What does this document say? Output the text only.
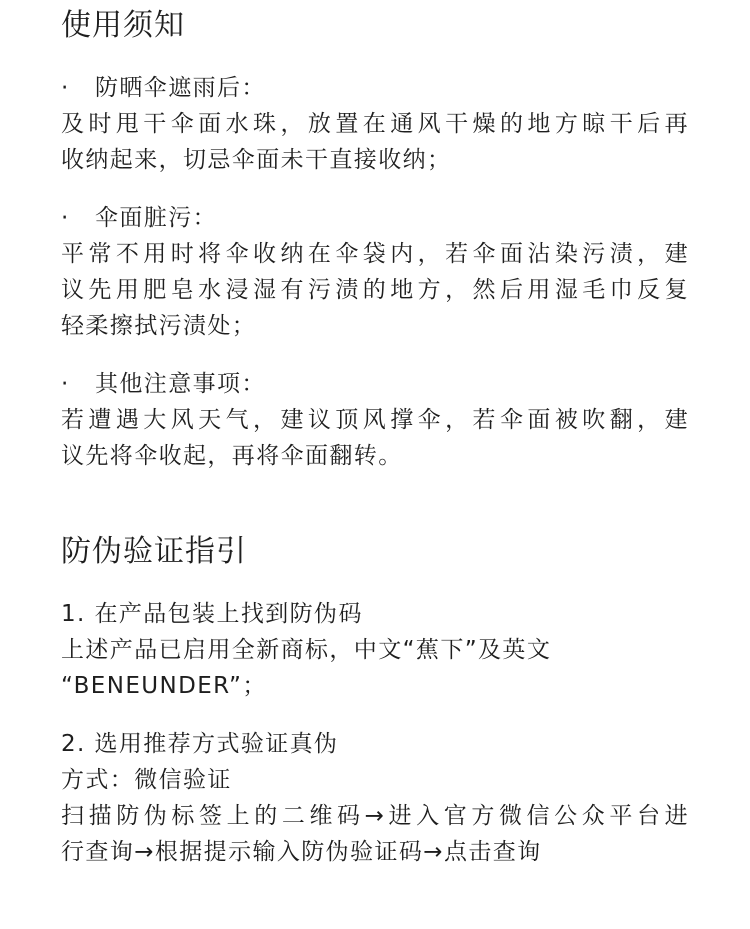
使用须知
·	防晒伞遮雨后：

及时甩干伞面水珠，放置在通风干燥的地方晾干后再

收纳起来，切忌伞面未干直接收纳；

·	伞面脏污：

平常不用时将伞收纳在伞袋内，若伞面沾染污渍，建

议先用肥皂水浸湿有污渍的地方，然后用湿毛巾反复

轻柔擦拭污渍处；

·	其他注意事项：

若遭遇大风天气，建议顶风撑伞，若伞面被吹翻，建

议先将伞收起，再将伞面翻转。

防伪验证指引

1. 在产品包装上找到防伪码

上述产品已启用全新商标，中文“蕉下”及英文

“BENEUNDER”；

2. 选用推荐方式验证真伪

方式：微信验证

扫描防伪标签上的二维码→进入官方微信公众平台进

行查询→根据提示输入防伪验证码→点击查询
